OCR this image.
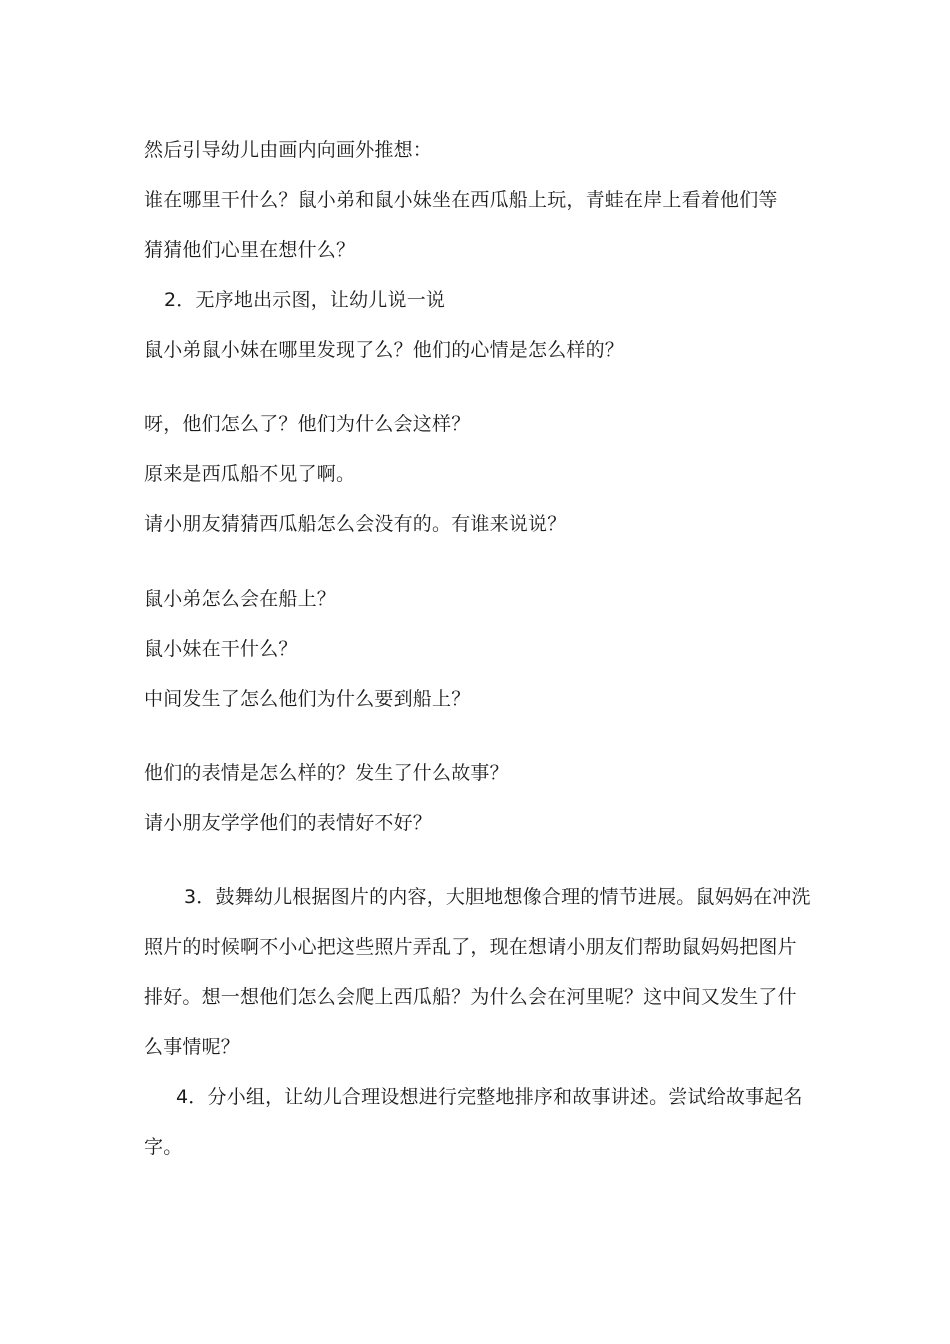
然后引导幼儿由画内向画外推想：
谁在哪里干什么？鼠小弟和鼠小妹坐在西瓜船上玩，青蛙在岸上看着他们等
猜猜他们心里在想什么？
2．无序地出示图，让幼儿说一说
鼠小弟鼠小妹在哪里发现了么？他们的心情是怎么样的？
呀，他们怎么了？他们为什么会这样？
原来是西瓜船不见了啊。
请小朋友猜猜西瓜船怎么会没有的。有谁来说说？
鼠小弟怎么会在船上？
鼠小妹在干什么？
中间发生了怎么他们为什么要到船上？
他们的表情是怎么样的？发生了什么故事？
请小朋友学学他们的表情好不好？
3．鼓舞幼儿根据图片的内容，大胆地想像合理的情节进展。鼠妈妈在冲洗
照片的时候啊不小心把这些照片弄乱了，现在想请小朋友们帮助鼠妈妈把图片
排好。想一想他们怎么会爬上西瓜船？为什么会在河里呢？这中间又发生了什
么事情呢？
4．分小组，让幼儿合理设想进行完整地排序和故事讲述。尝试给故事起名
字。
